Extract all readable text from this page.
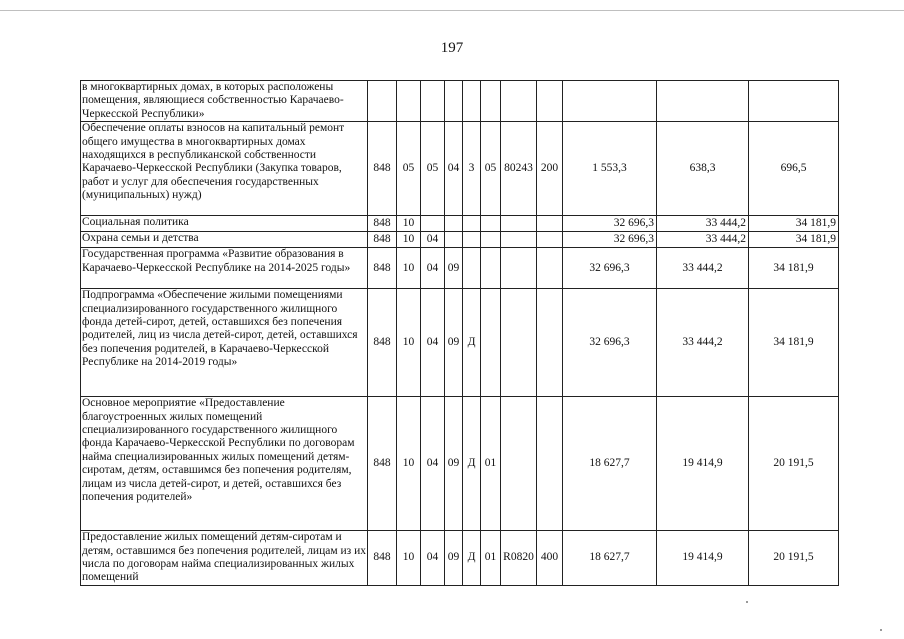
197
в многоквартирных домах, в которых расположены помещения, являющиеся собственностью Карачаево-Черкесской Республики»											
Обеспечение оплаты взносов на капитальный ремонт общего имущества в многоквартирных домах находящихся в республиканской собственности Карачаево-Черкесской Республики (Закупка товаров, работ и услуг для обеспечения государственных (муниципальных) нужд)	848	05	05	04	3	05	80243	200	1 553,3	638,3	696,5
Социальная политика	848	10							32 696,3	33 444,2	34 181,9
Охрана семьи и детства	848	10	04						32 696,3	33 444,2	34 181,9
Государственная программа «Развитие образования в Карачаево-Черкесской Республике на 2014-2025 годы»	848	10	04	09					32 696,3	33 444,2	34 181,9
Подпрограмма «Обеспечение жилыми помещениями специализированного государственного жилищного фонда детей-сирот, детей, оставшихся без попечения родителей, лиц из числа детей-сирот, детей, оставшихся без попечения родителей, в Карачаево-Черкесской Республике на 2014-2019 годы»	848	10	04	09	Д				32 696,3	33 444,2	34 181,9
Основное мероприятие «Предоставление благоустроенных жилых помещений специализированного государственного жилищного фонда Карачаево-Черкесской Республики по договорам найма специализированных жилых помещений детям-сиротам, детям, оставшимся без попечения родителям, лицам из числа детей-сирот, и детей, оставшихся без попечения родителей»	848	10	04	09	Д	01			18 627,7	19 414,9	20 191,5
Предоставление жилых помещений детям-сиротам и детям, оставшимся без попечения родителей, лицам из их числа по договорам найма специализированных жилых помещений	848	10	04	09	Д	01	R0820	400	18 627,7	19 414,9	20 191,5
